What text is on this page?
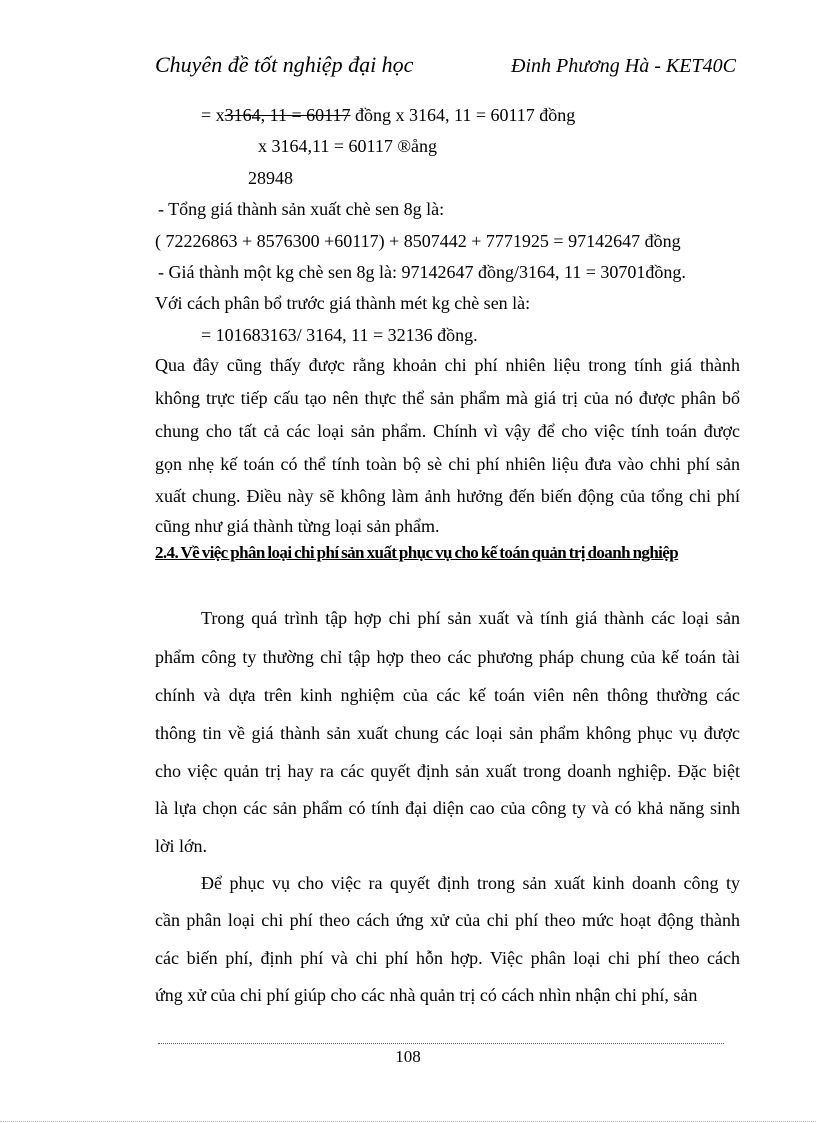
Chuyên đề tốt nghiệp đại học	Đinh Phương Hà - KET40C
= x3164, 11 = 60117 đồng x 3164, 11 = 60117 đồng
x 3164,11 = 60117 ®ång
28948
- Tổng giá thành sản xuất chè sen 8g là:
( 72226863 + 8576300 +60117) + 8507442 + 7771925 = 97142647 đồng
- Giá thành một kg chè sen 8g là: 97142647 đồng/3164, 11 = 30701đồng.
Với cách phân bổ trước giá thành mét kg chè sen là:
= 101683163/ 3164, 11 = 32136 đồng.
Qua đây cũng thấy được rằng khoản chi phí nhiên liệu trong tính giá thành
không trực tiếp cấu tạo nên thực thể sản phẩm mà giá trị của nó được phân bổ
chung cho tất cả các loại sản phẩm. Chính vì vậy để cho việc tính toán được
gọn nhẹ kế toán có thể tính toàn bộ sè chi phí nhiên liệu đưa vào chhi phí sản
xuất chung. Điều này sẽ không làm ảnh hưởng đến biến động của tổng chi phí
cũng như giá thành từng loại sản phẩm.
2.4. Về việc phân loại chi phí sản xuất phục vụ cho kế toán quản trị doanh nghiệp
Trong quá trình tập hợp chi phí sản xuất và tính giá thành các loại sản
phẩm công ty thường chỉ tập hợp theo các phương pháp chung của kế toán tài
chính và dựa trên kinh nghiệm của các kế toán viên nên thông thường các
thông tin về giá thành sản xuất chung các loại sản phẩm không phục vụ được
cho việc quản trị hay ra các quyết định sản xuất trong doanh nghiệp. Đặc biệt
là lựa chọn các sản phẩm có tính đại diện cao của công ty và có khả năng sinh
lời lớn.
Để phục vụ cho việc ra quyết định trong sản xuất kinh doanh công ty
cần phân loại chi phí theo cách ứng xử của chi phí theo mức hoạt động thành
các biến phí, định phí và chi phí hỗn hợp. Việc phân loại chi phí theo cách
ứng xử của chi phí giúp cho các nhà quản trị có cách nhìn nhận chi phí, sản
108
